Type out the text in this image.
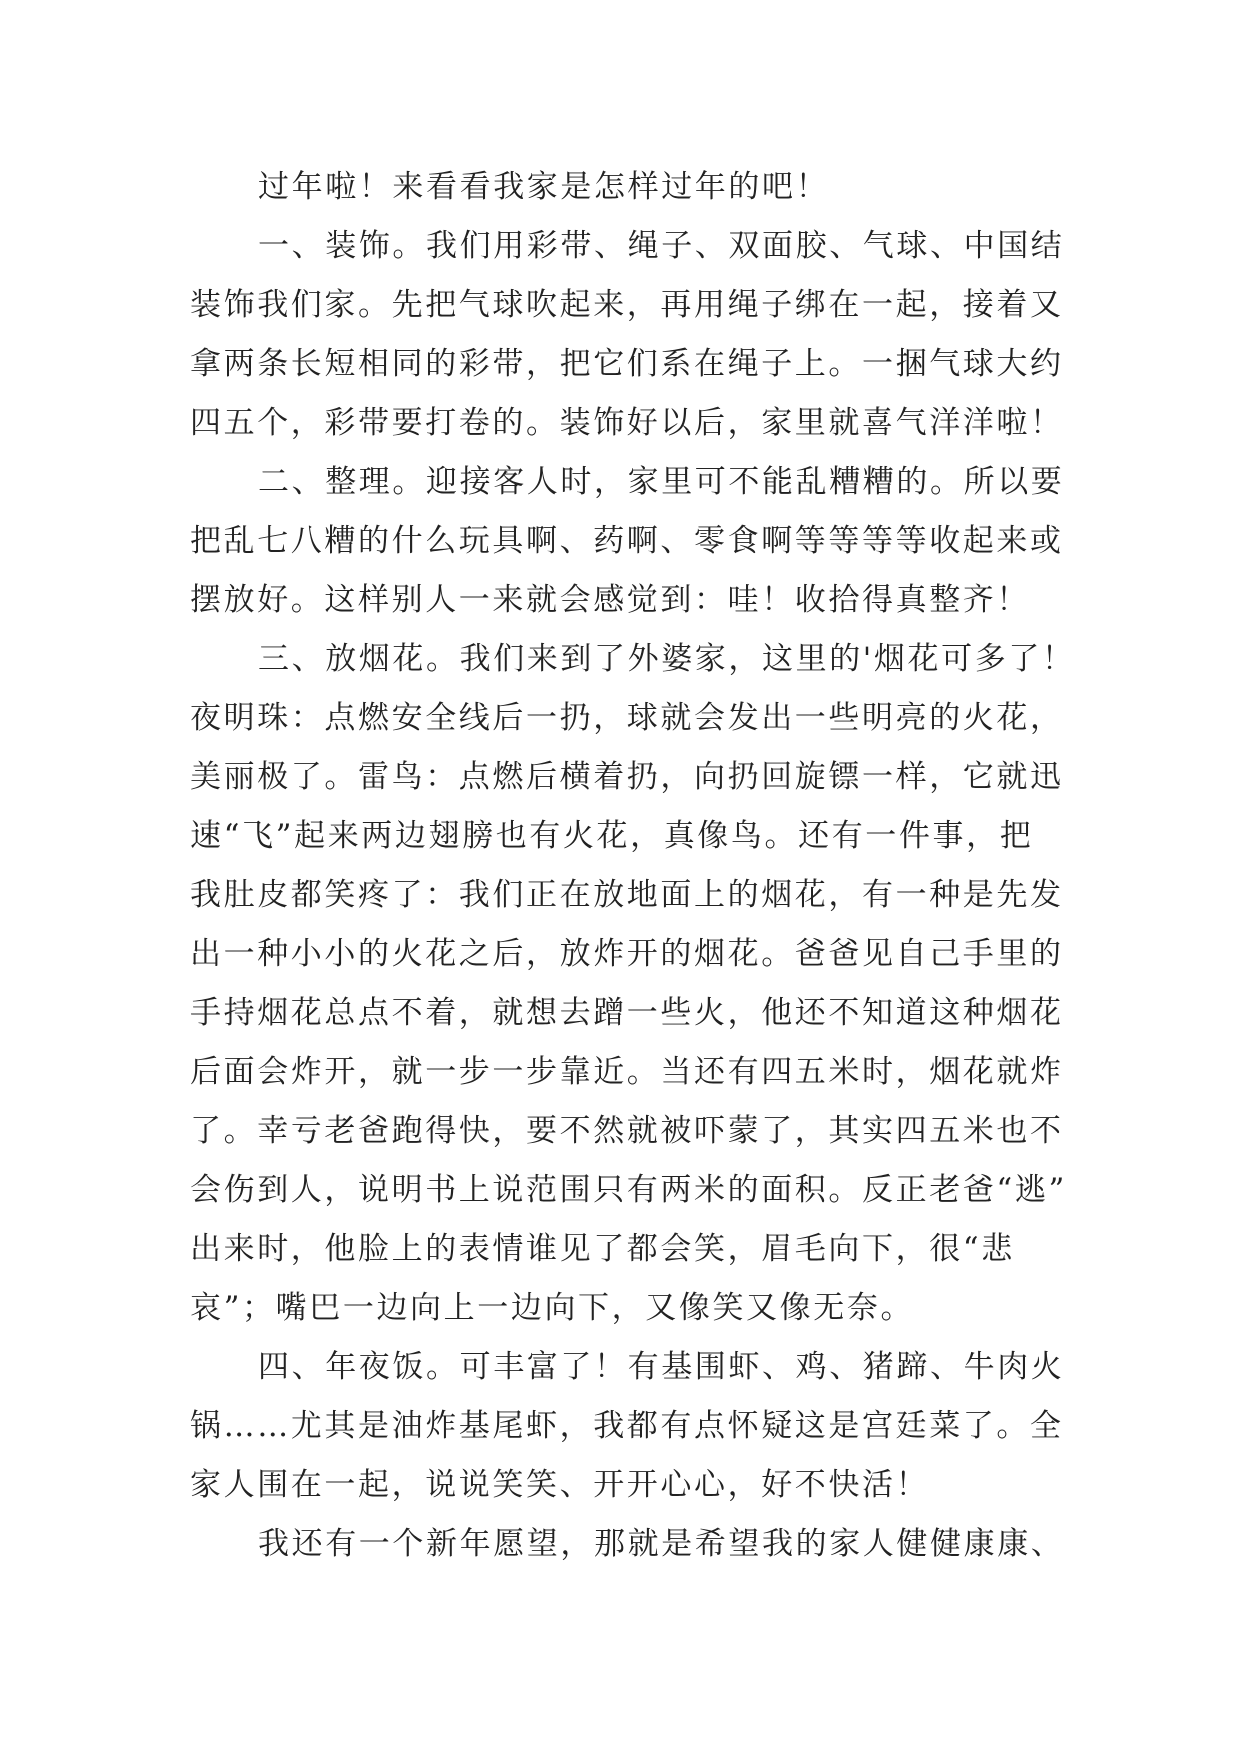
过年啦！来看看我家是怎样过年的吧！
一、装饰。我们用彩带、绳子、双面胶、气球、中国结
装饰我们家。先把气球吹起来，再用绳子绑在一起，接着又
拿两条长短相同的彩带，把它们系在绳子上。一捆气球大约
四五个，彩带要打卷的。装饰好以后，家里就喜气洋洋啦！
二、整理。迎接客人时，家里可不能乱糟糟的。所以要
把乱七八糟的什么玩具啊、药啊、零食啊等等等等收起来或
摆放好。这样别人一来就会感觉到：哇！收拾得真整齐！
三、放烟花。我们来到了外婆家，这里的'烟花可多了！
夜明珠：点燃安全线后一扔，球就会发出一些明亮的火花，
美丽极了。雷鸟：点燃后横着扔，向扔回旋镖一样，它就迅
速“飞”起来两边翅膀也有火花，真像鸟。还有一件事，把
我肚皮都笑疼了：我们正在放地面上的烟花，有一种是先发
出一种小小的火花之后，放炸开的烟花。爸爸见自己手里的
手持烟花总点不着，就想去蹭一些火，他还不知道这种烟花
后面会炸开，就一步一步靠近。当还有四五米时，烟花就炸
了。幸亏老爸跑得快，要不然就被吓蒙了，其实四五米也不
会伤到人，说明书上说范围只有两米的面积。反正老爸“逃”
出来时，他脸上的表情谁见了都会笑，眉毛向下，很“悲
哀”；嘴巴一边向上一边向下，又像笑又像无奈。
四、年夜饭。可丰富了！有基围虾、鸡、猪蹄、牛肉火
锅……尤其是油炸基尾虾，我都有点怀疑这是宫廷菜了。全
家人围在一起，说说笑笑、开开心心，好不快活！
我还有一个新年愿望，那就是希望我的家人健健康康、
